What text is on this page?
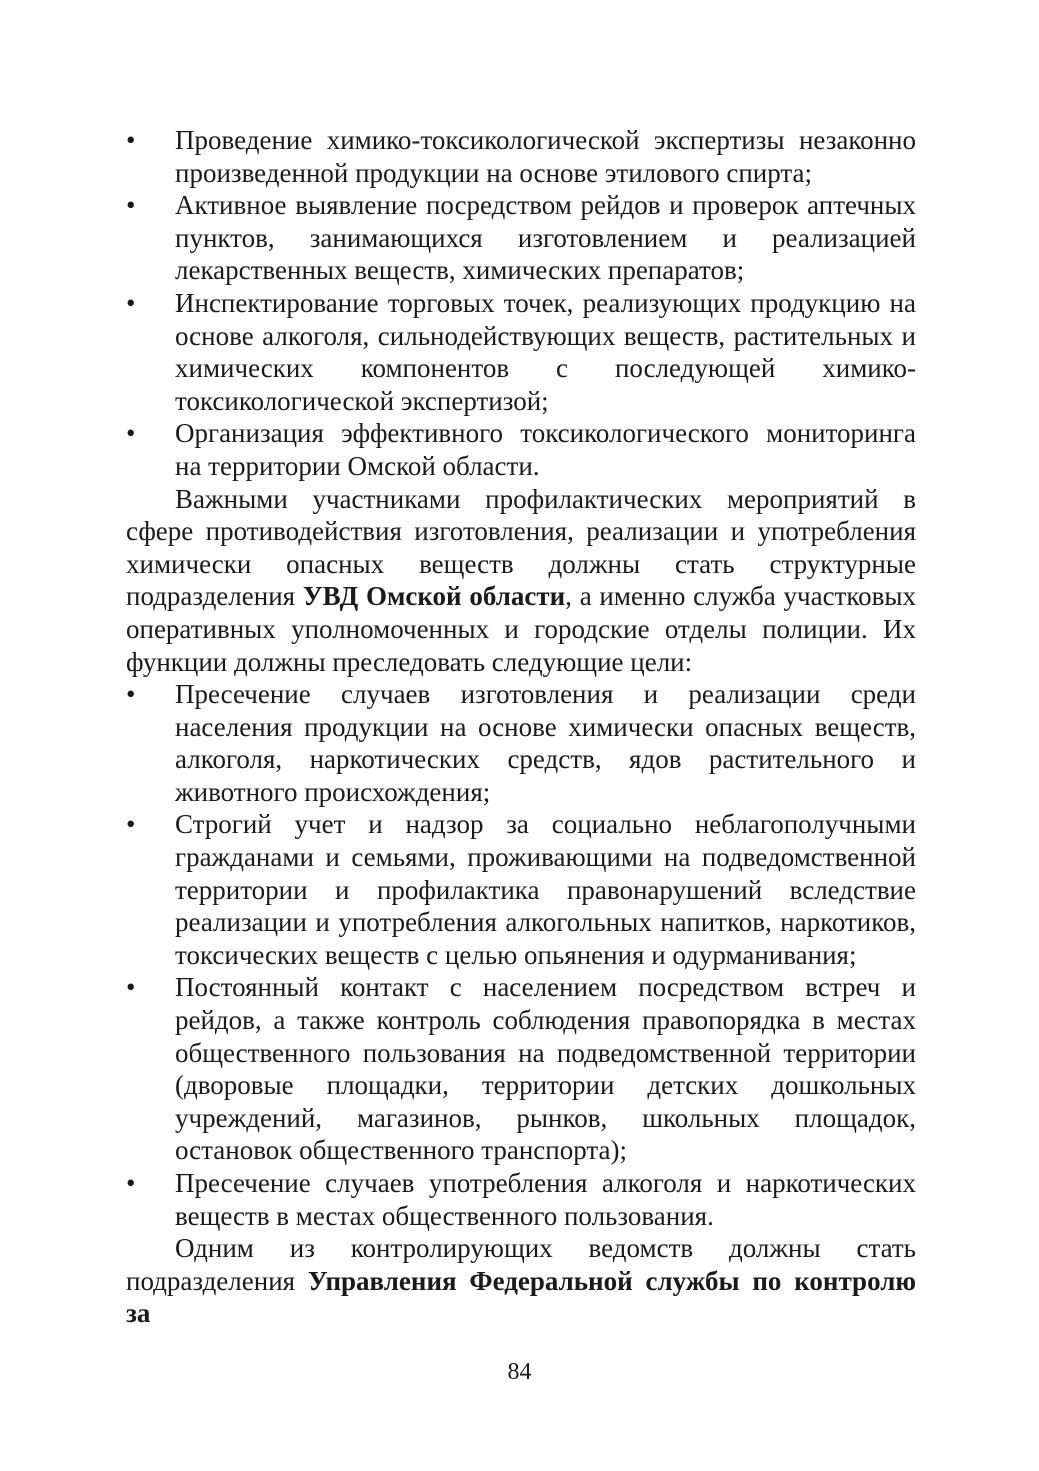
• Проведение химико-токсикологической экспертизы незаконно произведенной продукции на основе этилового спирта;
• Активное выявление посредством рейдов и проверок аптечных пунктов, занимающихся изготовлением и реализацией лекарственных веществ, химических препаратов;
• Инспектирование торговых точек, реализующих продукцию на основе алкоголя, сильнодействующих веществ, растительных и химических компонентов с последующей химико-токсикологической экспертизой;
• Организация эффективного токсикологического мониторинга на территории Омской области.

Важными участниками профилактических мероприятий в сфере противодействия изготовления, реализации и употребления химически опасных веществ должны стать структурные подразделения УВД Омской области, а именно служба участковых оперативных уполномоченных и городские отделы полиции. Их функции должны преследовать следующие цели:

• Пресечение случаев изготовления и реализации среди населения продукции на основе химически опасных веществ, алкоголя, наркотических средств, ядов растительного и животного происхождения;
• Строгий учет и надзор за социально неблагополучными гражданами и семьями, проживающими на подведомственной территории и профилактика правонарушений вследствие реализации и употребления алкогольных напитков, наркотиков, токсических веществ с целью опьянения и одурманивания;
• Постоянный контакт с населением посредством встреч и рейдов, а также контроль соблюдения правопорядка в местах общественного пользования на подведомственной территории (дворовые площадки, территории детских дошкольных учреждений, магазинов, рынков, школьных площадок, остановок общественного транспорта);
• Пресечение случаев употребления алкоголя и наркотических веществ в местах общественного пользования.

Одним из контролирующих ведомств должны стать подразделения Управления Федеральной службы по контролю за

84
